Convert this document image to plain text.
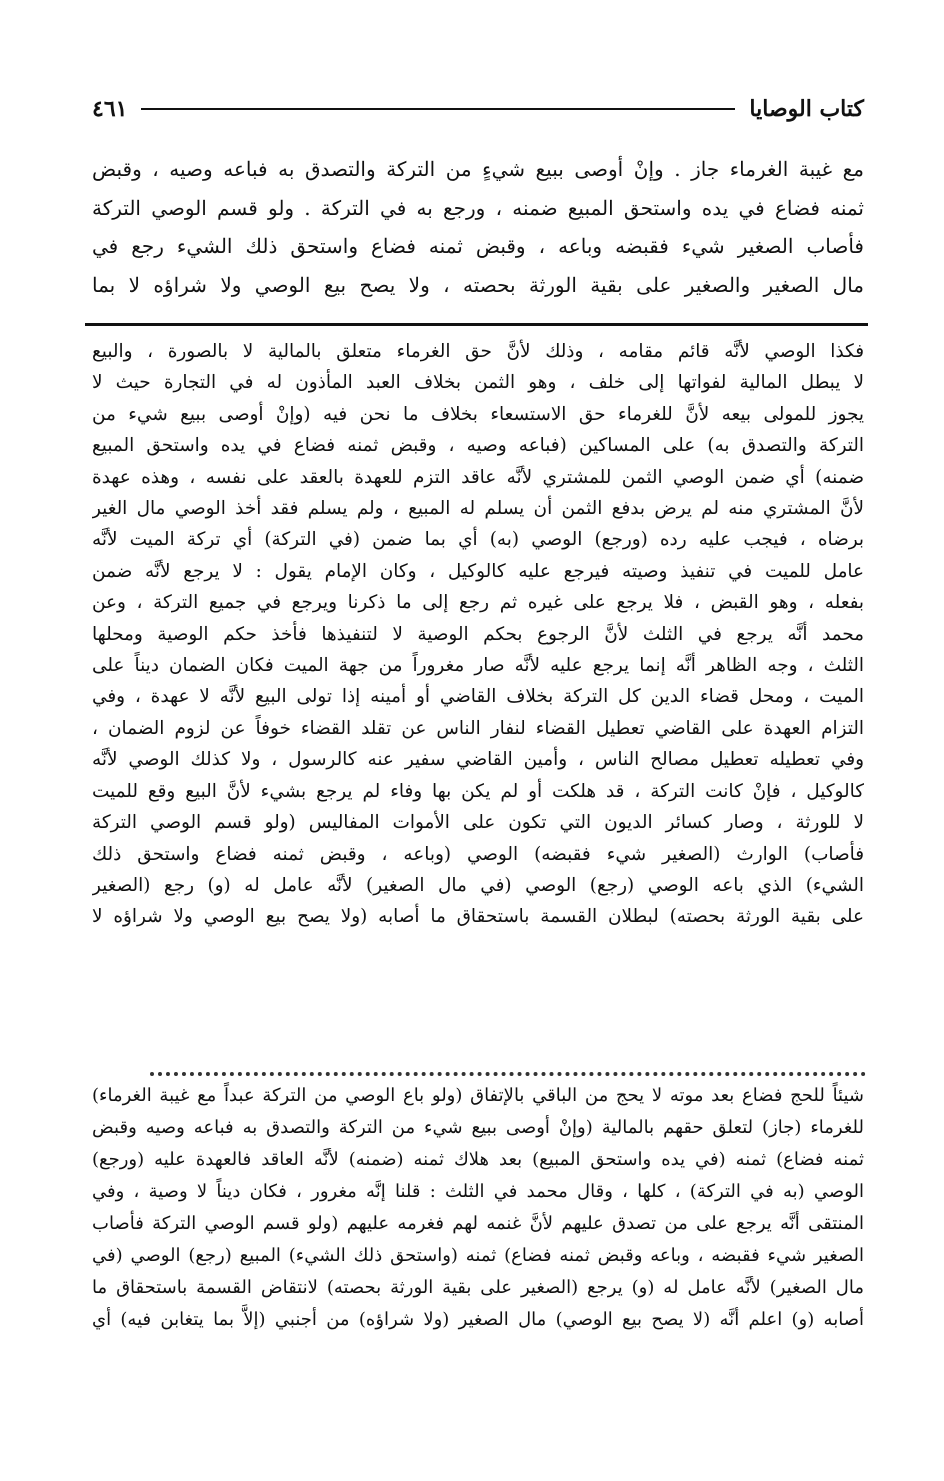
كتاب الوصايا
٤٦١

مع غيبة الغرماء جاز . وإنْ أوصى ببيع شيءٍ من التركة والتصدق به فباعه وصيه ، وقبض

ثمنه فضاع في يده واستحق المبيع ضمنه ، ورجع به في التركة . ولو قسم الوصي التركة

فأصاب الصغير شيء فقبضه وباعه ، وقبض ثمنه فضاع واستحق ذلك الشيء رجع في

مال الصغير والصغير على بقية الورثة بحصته ، ولا يصح بيع الوصي ولا شراؤه لا بما

فكذا الوصي لأنَّه قائم مقامه ، وذلك لأنَّ حق الغرماء متعلق بالمالية لا بالصورة ، والبيع

لا يبطل المالية لفواتها إلى خلف ، وهو الثمن بخلاف العبد المأذون له في التجارة حيث لا

يجوز للمولى بيعه لأنَّ للغرماء حق الاستسعاء بخلاف ما نحن فيه (وإنْ أوصى ببيع شيء من

التركة والتصدق به) على المساكين (فباعه وصيه ، وقبض ثمنه فضاع في يده واستحق المبيع

ضمنه) أي ضمن الوصي الثمن للمشتري لأنَّه عاقد التزم للعهدة بالعقد على نفسه ، وهذه عهدة

لأنَّ المشتري منه لم يرض بدفع الثمن أن يسلم له المبيع ، ولم يسلم فقد أخذ الوصي مال الغير

برضاه ، فيجب عليه رده (ورجع) الوصي (به) أي بما ضمن (في التركة) أي تركة الميت لأنَّه

عامل للميت في تنفيذ وصيته فيرجع عليه كالوكيل ، وكان الإمام يقول : لا يرجع لأنَّه ضمن

بفعله ، وهو القبض ، فلا يرجع على غيره ثم رجع إلى ما ذكرنا ويرجع في جميع التركة ، وعن

محمد أنَّه يرجع في الثلث لأنَّ الرجوع بحكم الوصية لا لتنفيذها فأخذ حكم الوصية ومحلها

الثلث ، وجه الظاهر أنَّه إنما يرجع عليه لأنَّه صار مغروراً من جهة الميت فكان الضمان ديناً على

الميت ، ومحل قضاء الدين كل التركة بخلاف القاضي أو أمينه إذا تولى البيع لأنَّه لا عهدة ، وفي

التزام العهدة على القاضي تعطيل القضاء لنفار الناس عن تقلد القضاء خوفاً عن لزوم الضمان ،

وفي تعطيله تعطيل مصالح الناس ، وأمين القاضي سفير عنه كالرسول ، ولا كذلك الوصي لأنَّه

كالوكيل ، فإنْ كانت التركة ، قد هلكت أو لم يكن بها وفاء لم يرجع بشيء لأنَّ البيع وقع للميت

لا للورثة ، وصار كسائر الديون التي تكون على الأموات المفاليس (ولو قسم الوصي التركة

فأصاب) الوارث (الصغير شيء فقبضه) الوصي (وباعه ، وقبض ثمنه فضاع واستحق ذلك

الشيء) الذي باعه الوصي (رجع) الوصي (في مال الصغير) لأنَّه عامل له (و) رجع (الصغير

على بقية الورثة بحصته) لبطلان القسمة باستحقاق ما أصابه (ولا يصح بيع الوصي ولا شراؤه لا

شيئاً للحج فضاع بعد موته لا يحج من الباقي بالإتفاق (ولو باع الوصي من التركة عبداً مع غيبة الغرماء)

للغرماء (جاز) لتعلق حقهم بالمالية (وإنْ أوصى ببيع شيء من التركة والتصدق به فباعه وصيه وقبض

ثمنه فضاع) ثمنه (في يده واستحق المبيع) بعد هلاك ثمنه (ضمنه) لأنَّه العاقد فالعهدة عليه (ورجع)

الوصي (به في التركة) ، كلها ، وقال محمد في الثلث : قلنا إنَّه مغرور ، فكان ديناً لا وصية ، وفي

المنتقى أنَّه يرجع على من تصدق عليهم لأنَّ غنمه لهم فغرمه عليهم (ولو قسم الوصي التركة فأصاب

الصغير شيء فقبضه ، وباعه وقبض ثمنه فضاع) ثمنه (واستحق ذلك الشيء) المبيع (رجع) الوصي (في

مال الصغير) لأنَّه عامل له (و) يرجع (الصغير على بقية الورثة بحصته) لانتقاض القسمة باستحقاق ما

أصابه (و) اعلم أنَّه (لا يصح بيع الوصي) مال الصغير (ولا شراؤه) من أجنبي (إلاَّ بما يتغابن فيه) أي
